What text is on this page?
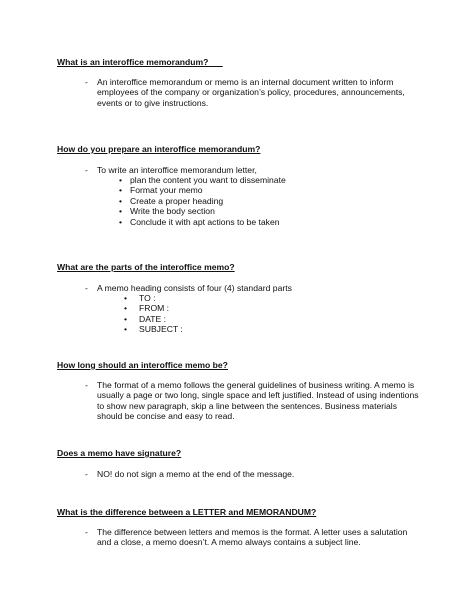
What is an interoffice memorandum?
- An interoffice memorandum or memo is an internal document written to inform
employees of the company or organization’s policy, procedures, announcements,
events or to give instructions.
How do you prepare an interoffice memorandum?
- To write an interoffice memorandum letter,
• plan the content you want to disseminate
• Format your memo
• Create a proper heading
• Write the body section
• Conclude it with apt actions to be taken
What are the parts of the interoffice memo?
- A memo heading consists of four (4) standard parts
•	TO :
•	FROM :
•	DATE :
•	SUBJECT :
How long should an interoffice memo be?
- The format of a memo follows the general guidelines of business writing. A memo is
usually a page or two long, single space and left justified. Instead of using indentions
to show new paragraph, skip a line between the sentences. Business materials
should be concise and easy to read.
Does a memo have signature?
- NO! do not sign a memo at the end of the message.
What is the difference between a LETTER and MEMORANDUM?
- The difference between letters and memos is the format. A letter uses a salutation
and a close, a memo doesn’t. A memo always contains a subject line.
